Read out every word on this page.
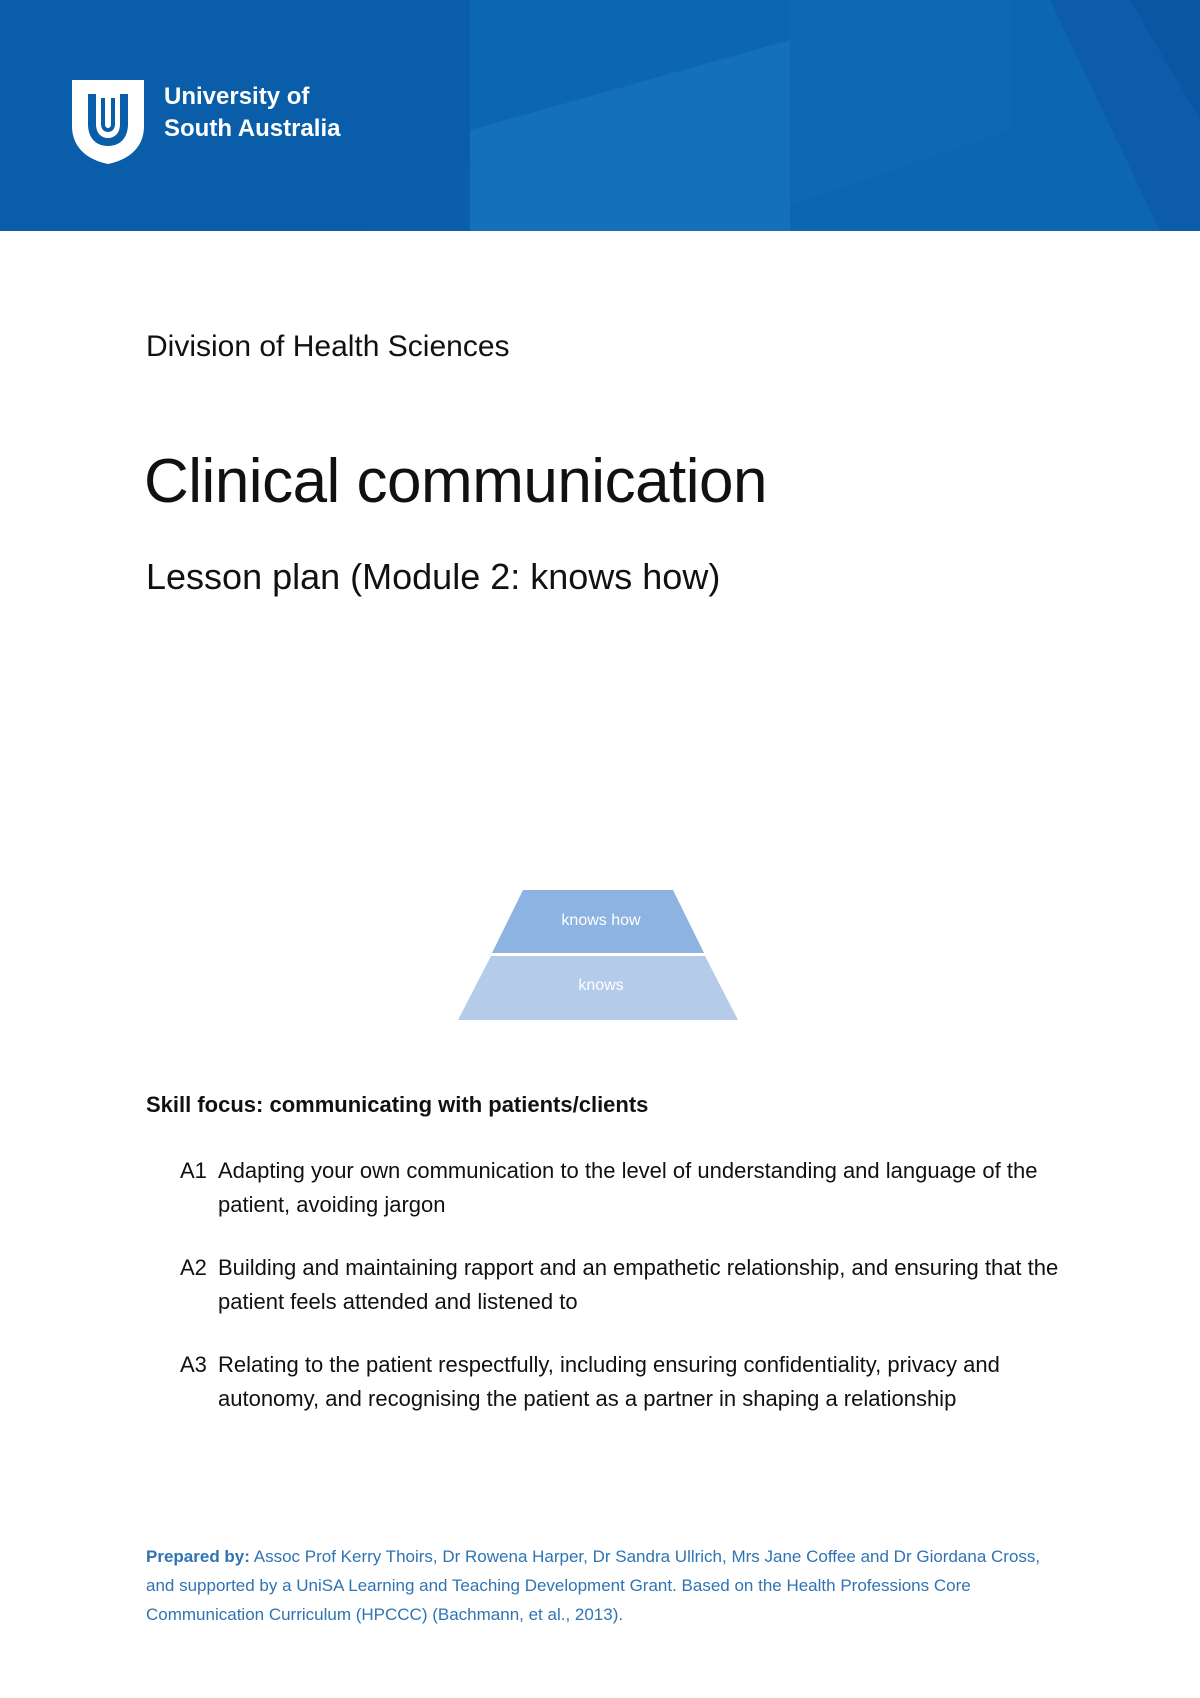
University of
South Australia
Division of Health Sciences
Clinical communication
Lesson plan (Module 2: knows how)
knows how
knows
Skill focus: communicating with patients/clients
A1 Adapting your own communication to the level of understanding and language of the patient, avoiding jargon
A2 Building and maintaining rapport and an empathetic relationship, and ensuring that the patient feels attended and listened to
A3 Relating to the patient respectfully, including ensuring confidentiality, privacy and autonomy, and recognising the patient as a partner in shaping a relationship
Prepared by: Assoc Prof Kerry Thoirs, Dr Rowena Harper, Dr Sandra Ullrich, Mrs Jane Coffee and Dr Giordana Cross, and supported by a UniSA Learning and Teaching Development Grant. Based on the Health Professions Core Communication Curriculum (HPCCC) (Bachmann, et al., 2013).
